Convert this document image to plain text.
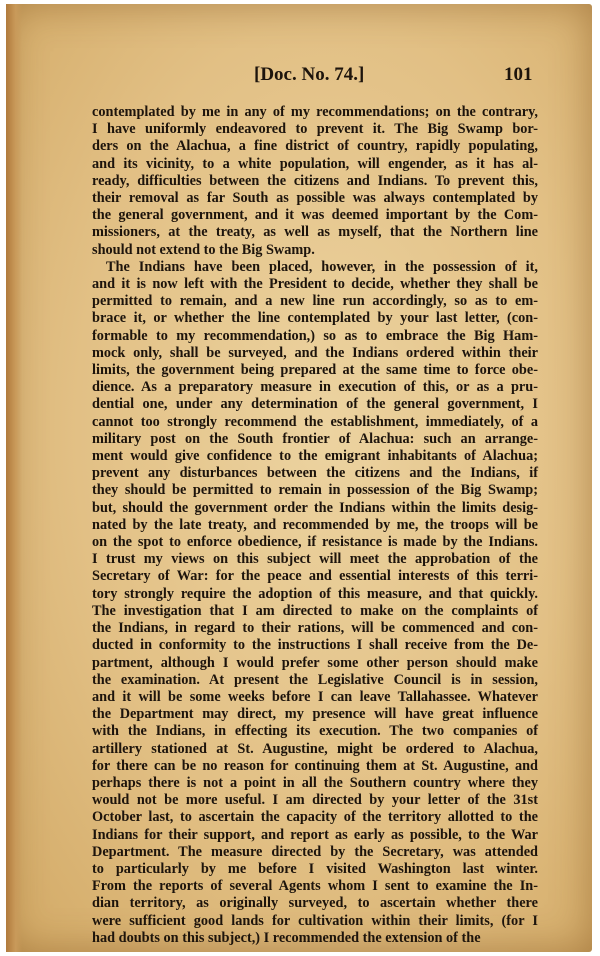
[Doc. No. 74.]	101
contemplated by me in any of my recommendations; on the contrary,
I have uniformly endeavored to prevent it. The Big Swamp bor-
ders on the Alachua, a fine district of country, rapidly populating,
and its vicinity, to a white population, will engender, as it has al-
ready, difficulties between the citizens and Indians. To prevent this,
their removal as far South as possible was always contemplated by
the general government, and it was deemed important by the Com-
missioners, at the treaty, as well as myself, that the Northern line
should not extend to the Big Swamp.
The Indians have been placed, however, in the possession of it,
and it is now left with the President to decide, whether they shall be
permitted to remain, and a new line run accordingly, so as to em-
brace it, or whether the line contemplated by your last letter, (con-
formable to my recommendation,) so as to embrace the Big Ham-
mock only, shall be surveyed, and the Indians ordered within their
limits, the government being prepared at the same time to force obe-
dience. As a preparatory measure in execution of this, or as a pru-
dential one, under any determination of the general government, I
cannot too strongly recommend the establishment, immediately, of a
military post on the South frontier of Alachua: such an arrange-
ment would give confidence to the emigrant inhabitants of Alachua;
prevent any disturbances between the citizens and the Indians, if
they should be permitted to remain in possession of the Big Swamp;
but, should the government order the Indians within the limits desig-
nated by the late treaty, and recommended by me, the troops will be
on the spot to enforce obedience, if resistance is made by the Indians.
I trust my views on this subject will meet the approbation of the
Secretary of War: for the peace and essential interests of this terri-
tory strongly require the adoption of this measure, and that quickly.
The investigation that I am directed to make on the complaints of
the Indians, in regard to their rations, will be commenced and con-
ducted in conformity to the instructions I shall receive from the De-
partment, although I would prefer some other person should make
the examination. At present the Legislative Council is in session,
and it will be some weeks before I can leave Tallahassee. Whatever
the Department may direct, my presence will have great influence
with the Indians, in effecting its execution. The two companies of
artillery stationed at St. Augustine, might be ordered to Alachua,
for there can be no reason for continuing them at St. Augustine, and
perhaps there is not a point in all the Southern country where they
would not be more useful. I am directed by your letter of the 31st
October last, to ascertain the capacity of the territory allotted to the
Indians for their support, and report as early as possible, to the War
Department. The measure directed by the Secretary, was attended
to particularly by me before I visited Washington last winter.
From the reports of several Agents whom I sent to examine the In-
dian territory, as originally surveyed, to ascertain whether there
were sufficient good lands for cultivation within their limits, (for I
had doubts on this subject,) I recommended the extension of the
